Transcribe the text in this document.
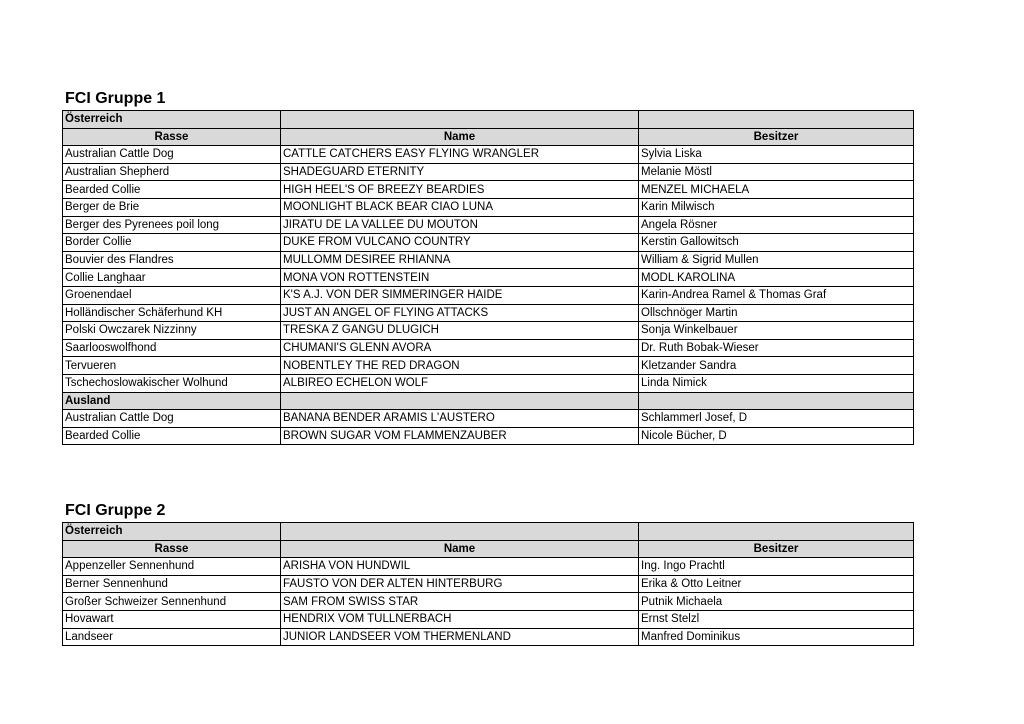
FCI Gruppe 1
Österreich		
Rasse	Name	Besitzer
Australian Cattle Dog	CATTLE CATCHERS EASY FLYING WRANGLER	Sylvia Liska
Australian Shepherd	SHADEGUARD ETERNITY	Melanie Möstl
Bearded Collie	HIGH HEEL'S OF BREEZY BEARDIES	MENZEL MICHAELA
Berger de Brie	MOONLIGHT BLACK BEAR CIAO LUNA	Karin Milwisch
Berger des Pyrenees poil long	JIRATU DE LA VALLEE DU MOUTON	Angela Rösner
Border Collie	DUKE FROM VULCANO COUNTRY	Kerstin Gallowitsch
Bouvier des Flandres	MULLOMM DESIREE RHIANNA	William & Sigrid Mullen
Collie Langhaar	MONA VON ROTTENSTEIN	MODL KAROLINA
Groenendael	K'S A.J. VON DER SIMMERINGER HAIDE	Karin-Andrea Ramel & Thomas Graf
Holländischer Schäferhund KH	JUST AN ANGEL OF FLYING ATTACKS	Ollschnöger Martin
Polski Owczarek Nizzinny	TRESKA Z GANGU DLUGICH	Sonja Winkelbauer
Saarlooswolfhond	CHUMANI'S GLENN AVORA	Dr. Ruth Bobak-Wieser
Tervueren	NOBENTLEY THE RED DRAGON	Kletzander Sandra
Tschechoslowakischer Wolhund	ALBIREO ECHELON WOLF	Linda Nimick
Ausland		
Australian Cattle Dog	BANANA BENDER ARAMIS L'AUSTERO	Schlammerl Josef, D
Bearded Collie	BROWN SUGAR VOM FLAMMENZAUBER	Nicole Bücher, D
FCI Gruppe 2
Österreich		
Rasse	Name	Besitzer
Appenzeller Sennenhund	ARISHA VON HUNDWIL	Ing. Ingo Prachtl
Berner Sennenhund	FAUSTO VON DER ALTEN HINTERBURG	Erika & Otto Leitner
Großer Schweizer Sennenhund	SAM FROM SWISS STAR	Putnik Michaela
Hovawart	HENDRIX VOM TULLNERBACH	Ernst Stelzl
Landseer	JUNIOR LANDSEER VOM THERMENLAND	Manfred Dominikus
